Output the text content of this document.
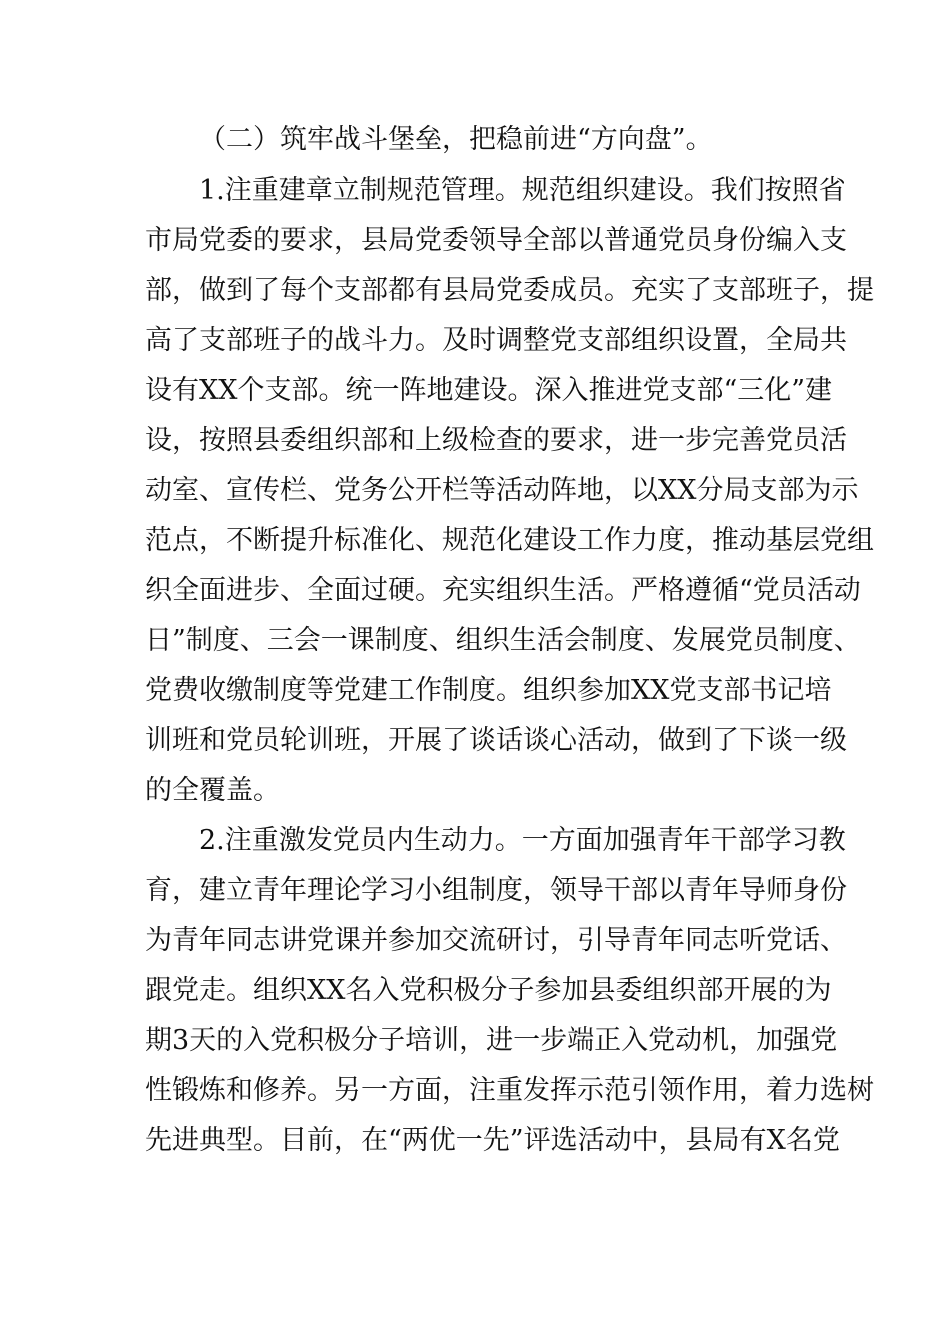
（二）筑牢战斗堡垒，把稳前进“方向盘”。
1.注重建章立制规范管理。规范组织建设。我们按照省
市局党委的要求，县局党委领导全部以普通党员身份编入支
部，做到了每个支部都有县局党委成员。充实了支部班子，提
高了支部班子的战斗力。及时调整党支部组织设置，全局共
设有XX个支部。统一阵地建设。深入推进党支部“三化”建
设，按照县委组织部和上级检查的要求，进一步完善党员活
动室、宣传栏、党务公开栏等活动阵地，以XX分局支部为示
范点，不断提升标准化、规范化建设工作力度，推动基层党组
织全面进步、全面过硬。充实组织生活。严格遵循“党员活动
日”制度、三会一课制度、组织生活会制度、发展党员制度、
党费收缴制度等党建工作制度。组织参加XX党支部书记培
训班和党员轮训班，开展了谈话谈心活动，做到了下谈一级
的全覆盖。
2.注重激发党员内生动力。一方面加强青年干部学习教
育，建立青年理论学习小组制度，领导干部以青年导师身份
为青年同志讲党课并参加交流研讨，引导青年同志听党话、
跟党走。组织XX名入党积极分子参加县委组织部开展的为
期3天的入党积极分子培训，进一步端正入党动机，加强党
性锻炼和修养。另一方面，注重发挥示范引领作用，着力选树
先进典型。目前，在“两优一先”评选活动中，县局有X名党
